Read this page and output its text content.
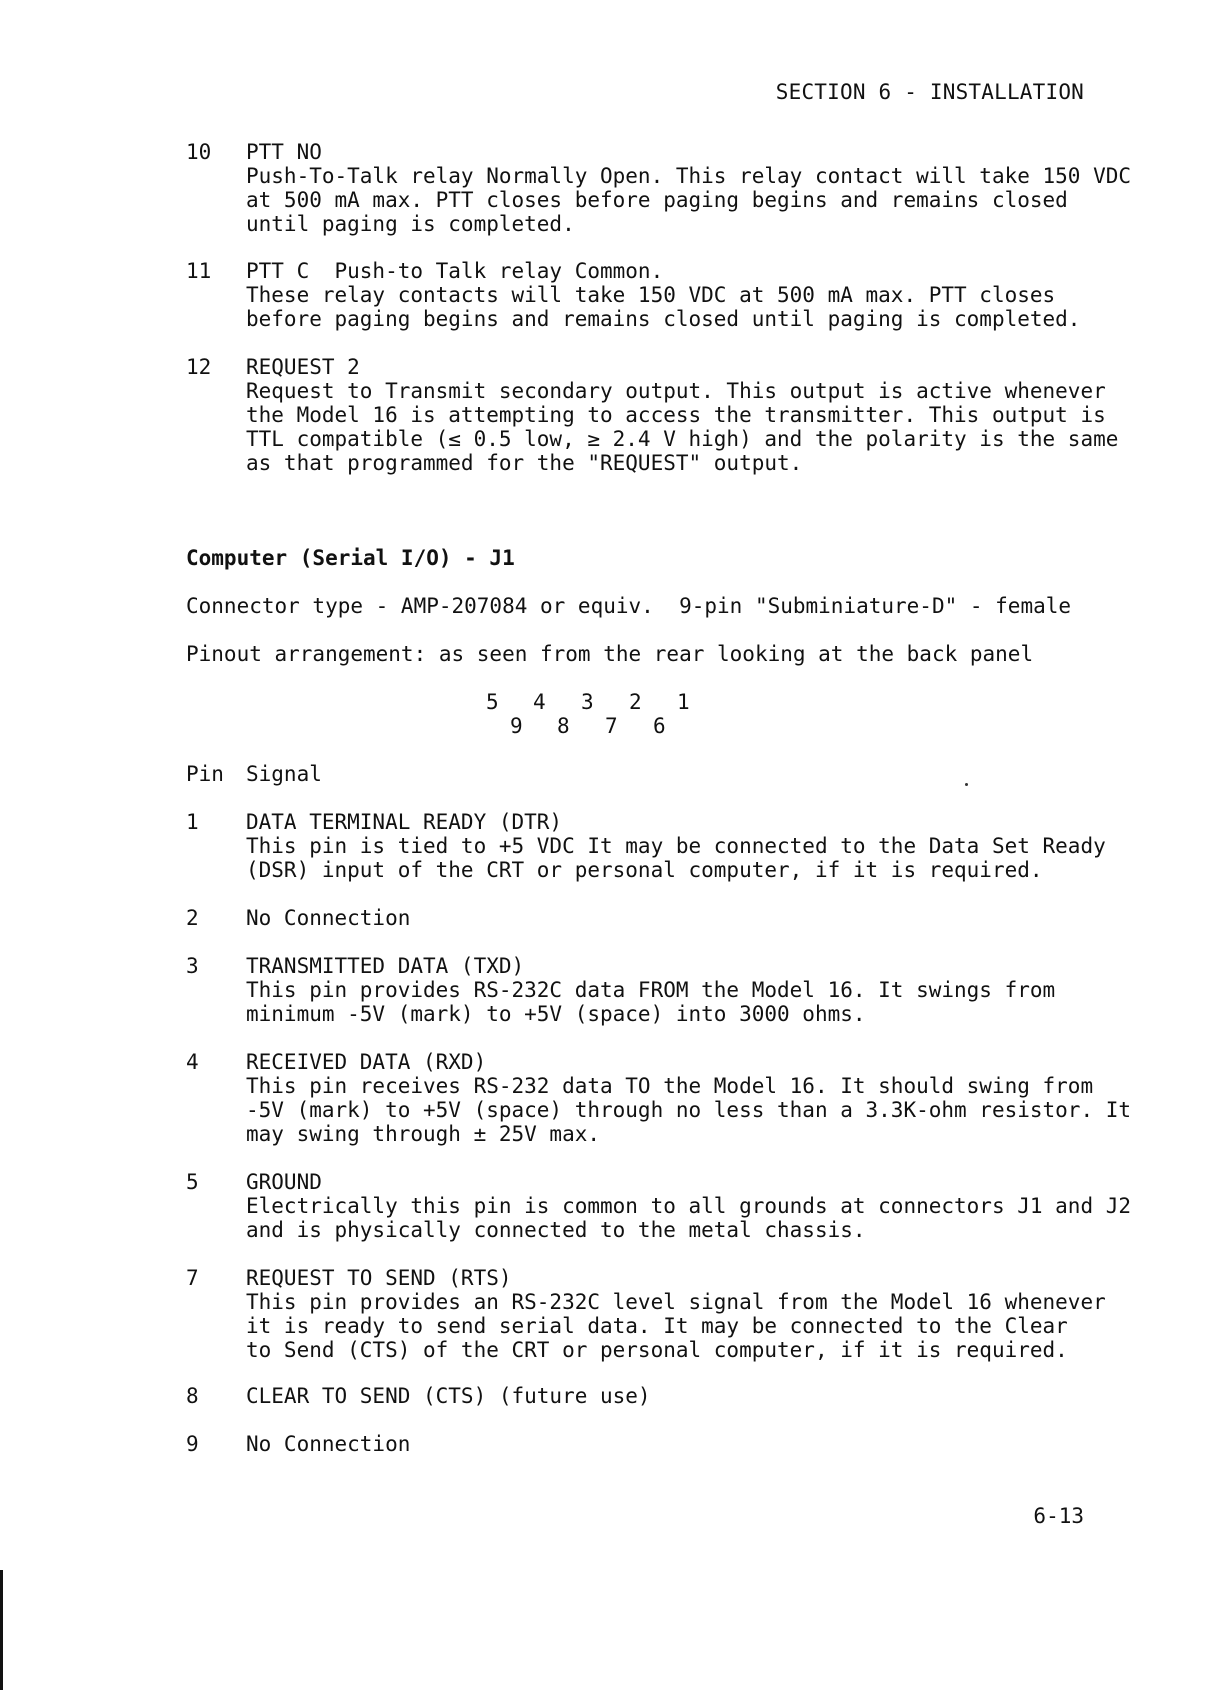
SECTION 6 - INSTALLATION
10	PTT NO
Push-To-Talk relay Normally Open. This relay contact will take 150 VDC
at 500 mA max. PTT closes before paging begins and remains closed
until paging is completed.
11	PTT C  Push-to Talk relay Common.
These relay contacts will take 150 VDC at 500 mA max. PTT closes
before paging begins and remains closed until paging is completed.
12	REQUEST 2
Request to Transmit secondary output. This output is active whenever
the Model 16 is attempting to access the transmitter. This output is
TTL compatible (≤ 0.5 low, ≥ 2.4 V high) and the polarity is the same
as that programmed for the "REQUEST" output.
Computer (Serial I/O) - J1
Connector type - AMP-207084 or equiv.  9-pin "Subminiature-D" - female
Pinout arrangement: as seen from the rear looking at the back panel
5 4 3 2 1
9 8 7 6
Pin Signal
1	DATA TERMINAL READY (DTR)
This pin is tied to +5 VDC It may be connected to the Data Set Ready
(DSR) input of the CRT or personal computer, if it is required.
2	No Connection
3	TRANSMITTED DATA (TXD)
This pin provides RS-232C data FROM the Model 16. It swings from
minimum -5V (mark) to +5V (space) into 3000 ohms.
4	RECEIVED DATA (RXD)
This pin receives RS-232 data TO the Model 16. It should swing from
-5V (mark) to +5V (space) through no less than a 3.3K-ohm resistor. It
may swing through ± 25V max.
5	GROUND
Electrically this pin is common to all grounds at connectors J1 and J2
and is physically connected to the metal chassis.
7	REQUEST TO SEND (RTS)
This pin provides an RS-232C level signal from the Model 16 whenever
it is ready to send serial data. It may be connected to the Clear
to Send (CTS) of the CRT or personal computer, if it is required.
8	CLEAR TO SEND (CTS) (future use)
9	No Connection
6-13
